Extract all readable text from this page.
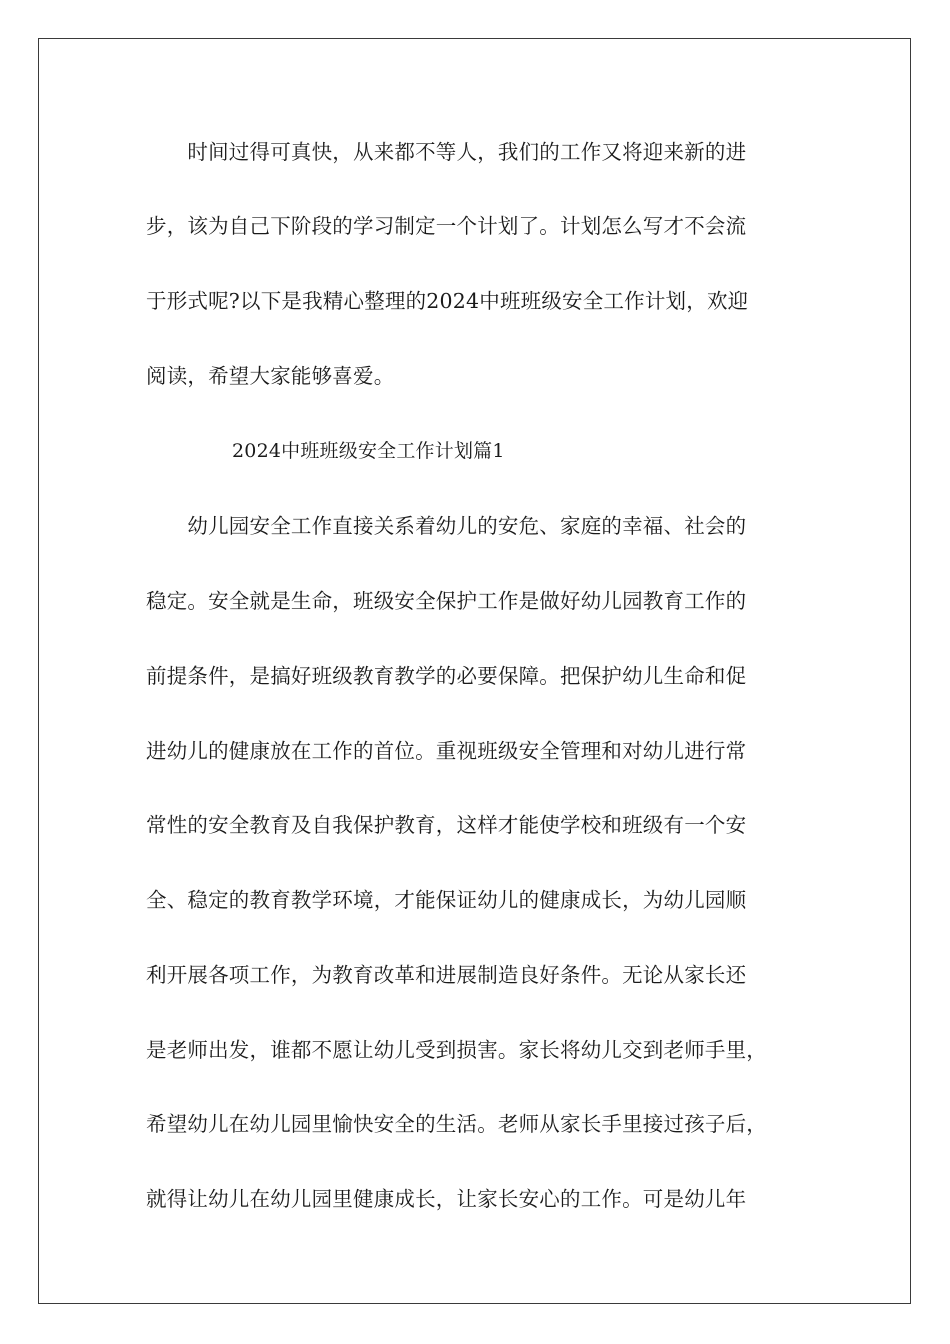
　　时间过得可真快，从来都不等人，我们的工作又将迎来新的进
步，该为自己下阶段的学习制定一个计划了。计划怎么写才不会流
于形式呢?以下是我精心整理的2024中班班级安全工作计划，欢迎
阅读，希望大家能够喜爱。
2024中班班级安全工作计划篇1
　　幼儿园安全工作直接关系着幼儿的安危、家庭的幸福、社会的
稳定。安全就是生命，班级安全保护工作是做好幼儿园教育工作的
前提条件，是搞好班级教育教学的必要保障。把保护幼儿生命和促
进幼儿的健康放在工作的首位。重视班级安全管理和对幼儿进行常
常性的安全教育及自我保护教育，这样才能使学校和班级有一个安
全、稳定的教育教学环境，才能保证幼儿的健康成长，为幼儿园顺
利开展各项工作，为教育改革和进展制造良好条件。无论从家长还
是老师出发，谁都不愿让幼儿受到损害。家长将幼儿交到老师手里，
希望幼儿在幼儿园里愉快安全的生活。老师从家长手里接过孩子后，
就得让幼儿在幼儿园里健康成长，让家长安心的工作。可是幼儿年
